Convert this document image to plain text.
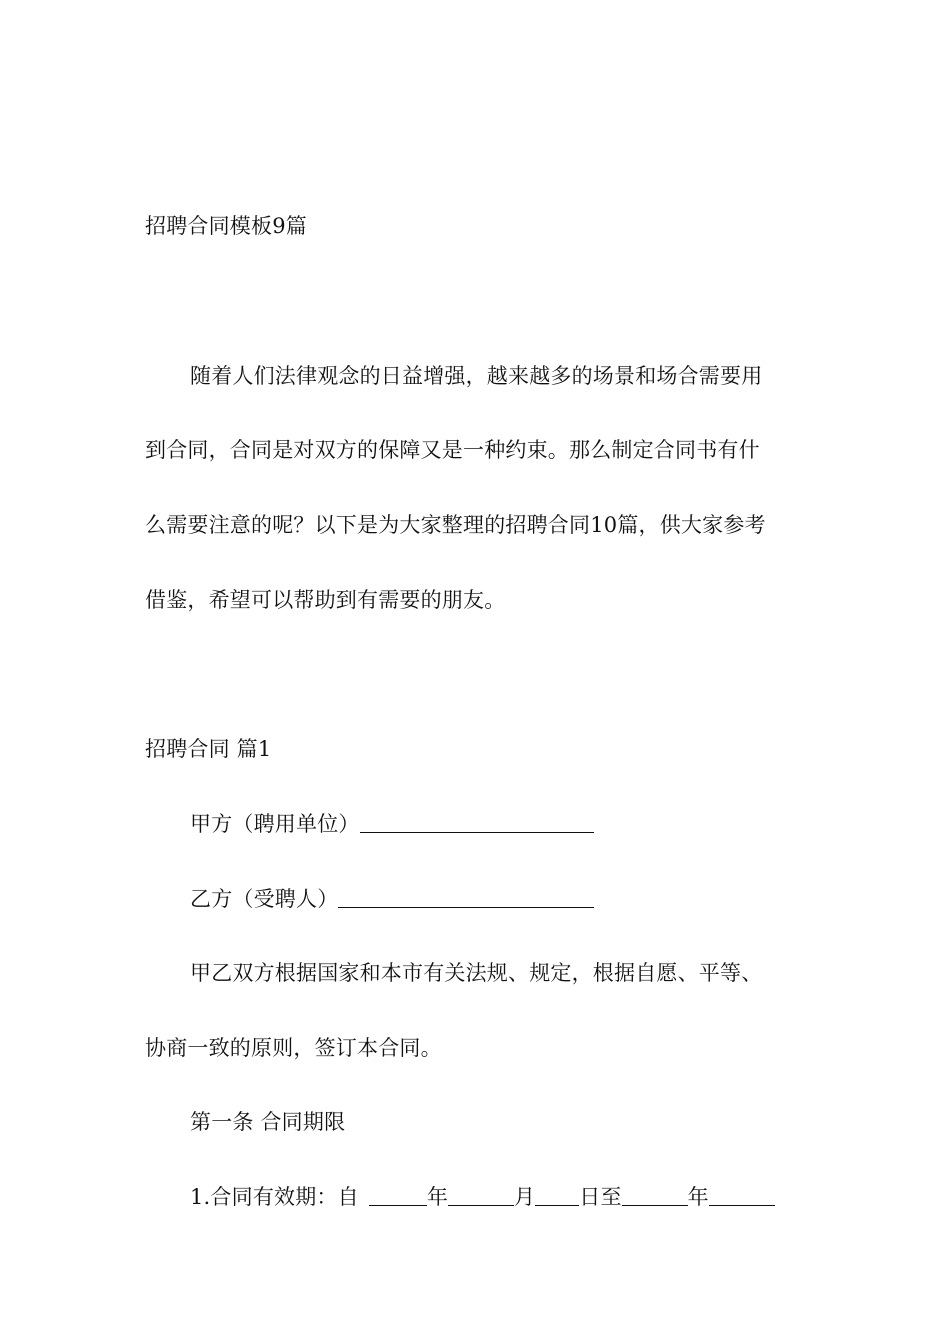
招聘合同模板9篇
随着人们法律观念的日益增强，越来越多的场景和场合需要用
到合同，合同是对双方的保障又是一种约束。那么制定合同书有什
么需要注意的呢？以下是为大家整理的招聘合同10篇，供大家参考
借鉴，希望可以帮助到有需要的朋友。
招聘合同 篇1
甲方（聘用单位）
乙方（受聘人）
甲乙双方根据国家和本市有关法规、规定，根据自愿、平等、
协商一致的原则，签订本合同。
第一条 合同期限
1.合同有效期：自	年	月 日至	年
